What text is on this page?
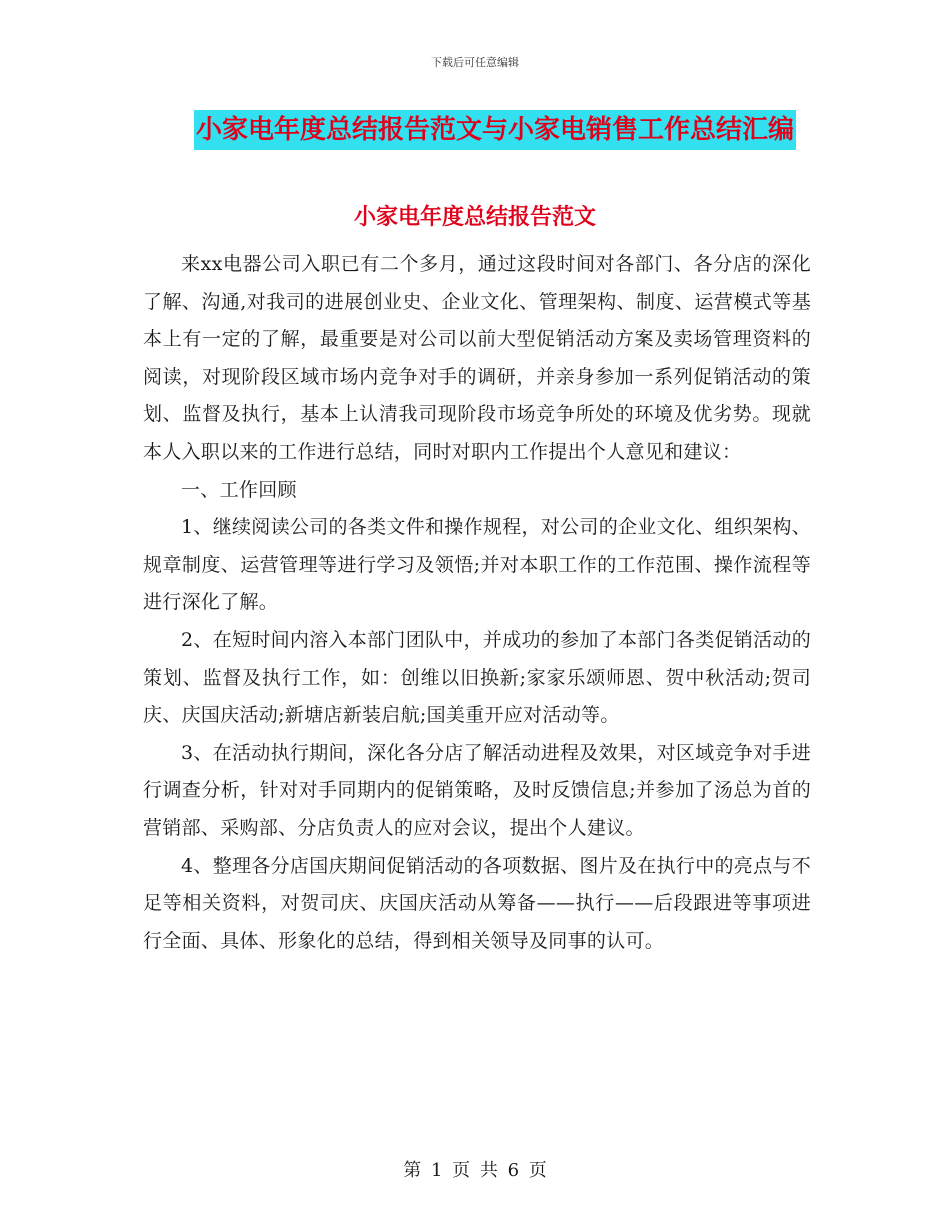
下载后可任意编辑
小家电年度总结报告范文与小家电销售工作总结汇编
小家电年度总结报告范文

来xx电器公司入职已有二个多月，通过这段时间对各部门、各分店的深化了解、沟通,对我司的进展创业史、企业文化、管理架构、制度、运营模式等基本上有一定的了解，最重要是对公司以前大型促销活动方案及卖场管理资料的阅读，对现阶段区域市场内竞争对手的调研，并亲身参加一系列促销活动的策划、监督及执行，基本上认清我司现阶段市场竞争所处的环境及优劣势。现就本人入职以来的工作进行总结，同时对职内工作提出个人意见和建议：

一、工作回顾

1、继续阅读公司的各类文件和操作规程，对公司的企业文化、组织架构、规章制度、运营管理等进行学习及领悟;并对本职工作的工作范围、操作流程等进行深化了解。

2、在短时间内溶入本部门团队中，并成功的参加了本部门各类促销活动的策划、监督及执行工作，如：创维以旧换新;家家乐颂师恩、贺中秋活动;贺司庆、庆国庆活动;新塘店新装启航;国美重开应对活动等。

3、在活动执行期间，深化各分店了解活动进程及效果，对区域竞争对手进行调查分析，针对对手同期内的促销策略，及时反馈信息;并参加了汤总为首的营销部、采购部、分店负责人的应对会议，提出个人建议。

4、整理各分店国庆期间促销活动的各项数据、图片及在执行中的亮点与不足等相关资料，对贺司庆、庆国庆活动从筹备——执行——后段跟进等事项进行全面、具体、形象化的总结，得到相关领导及同事的认可。

第 1 页 共 6 页
